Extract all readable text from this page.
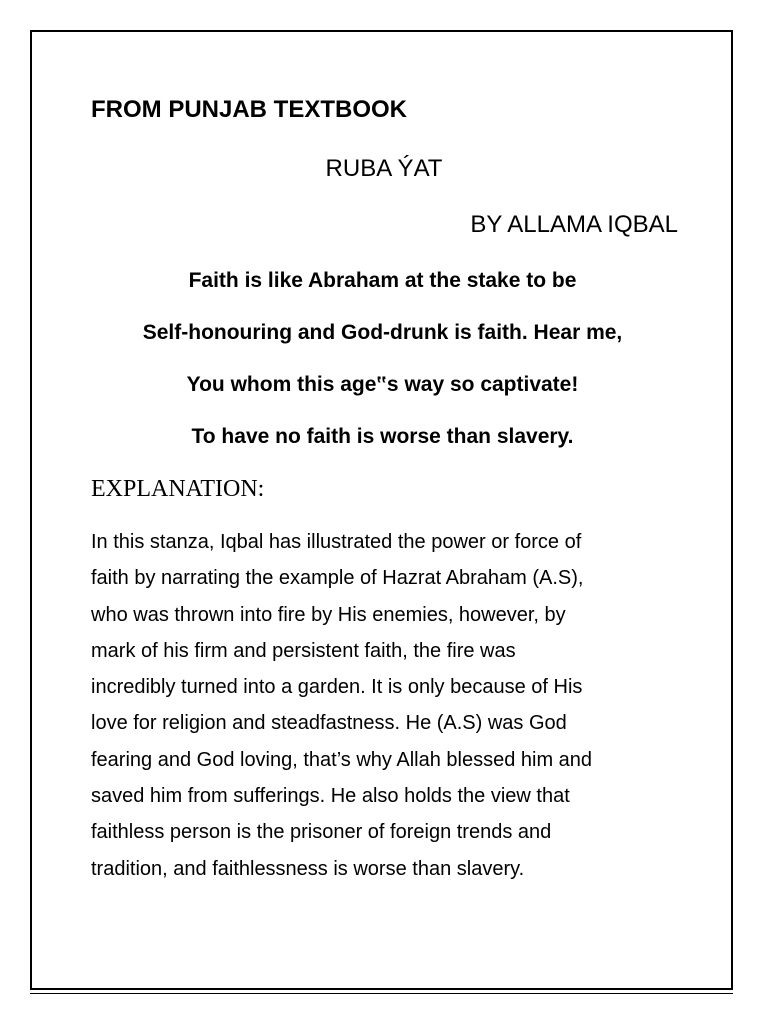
FROM PUNJAB TEXTBOOK
RUBA ÝAT
BY ALLAMA IQBAL
Faith is like Abraham at the stake to be
Self-honouring and God-drunk is faith. Hear me,
You whom this age‟s way so captivate!
To have no faith is worse than slavery.
EXPLANATION:
In this stanza, Iqbal has illustrated the power or force of
faith by narrating the example of Hazrat Abraham (A.S),
who was thrown into fire by His enemies, however, by
mark of his firm and persistent faith, the fire was
incredibly turned into a garden. It is only because of His
love for religion and steadfastness. He (A.S) was God
fearing and God loving, that’s why Allah blessed him and
saved him from sufferings. He also holds the view that
faithless person is the prisoner of foreign trends and
tradition, and faithlessness is worse than slavery.
